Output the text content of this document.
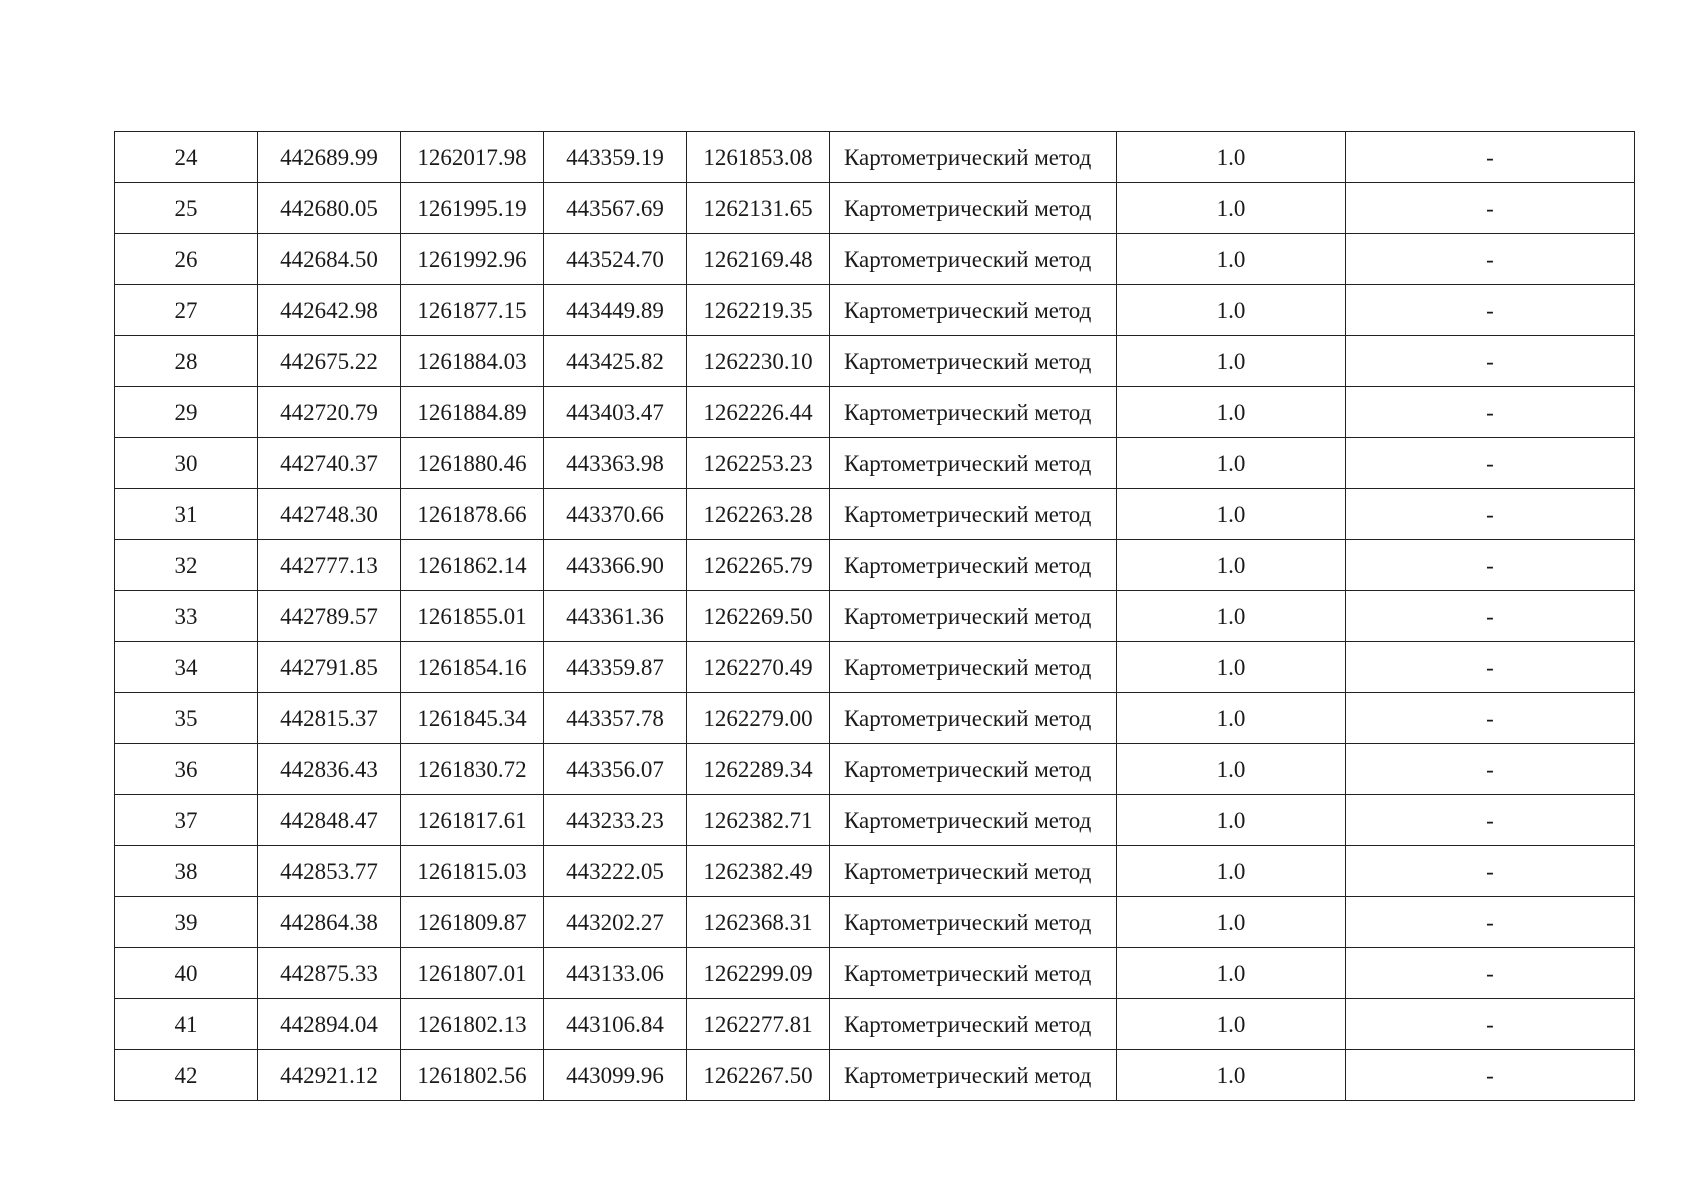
24	442689.99	1262017.98	443359.19	1261853.08	Картометрический метод	1.0	-
25	442680.05	1261995.19	443567.69	1262131.65	Картометрический метод	1.0	-
26	442684.50	1261992.96	443524.70	1262169.48	Картометрический метод	1.0	-
27	442642.98	1261877.15	443449.89	1262219.35	Картометрический метод	1.0	-
28	442675.22	1261884.03	443425.82	1262230.10	Картометрический метод	1.0	-
29	442720.79	1261884.89	443403.47	1262226.44	Картометрический метод	1.0	-
30	442740.37	1261880.46	443363.98	1262253.23	Картометрический метод	1.0	-
31	442748.30	1261878.66	443370.66	1262263.28	Картометрический метод	1.0	-
32	442777.13	1261862.14	443366.90	1262265.79	Картометрический метод	1.0	-
33	442789.57	1261855.01	443361.36	1262269.50	Картометрический метод	1.0	-
34	442791.85	1261854.16	443359.87	1262270.49	Картометрический метод	1.0	-
35	442815.37	1261845.34	443357.78	1262279.00	Картометрический метод	1.0	-
36	442836.43	1261830.72	443356.07	1262289.34	Картометрический метод	1.0	-
37	442848.47	1261817.61	443233.23	1262382.71	Картометрический метод	1.0	-
38	442853.77	1261815.03	443222.05	1262382.49	Картометрический метод	1.0	-
39	442864.38	1261809.87	443202.27	1262368.31	Картометрический метод	1.0	-
40	442875.33	1261807.01	443133.06	1262299.09	Картометрический метод	1.0	-
41	442894.04	1261802.13	443106.84	1262277.81	Картометрический метод	1.0	-
42	442921.12	1261802.56	443099.96	1262267.50	Картометрический метод	1.0	-
